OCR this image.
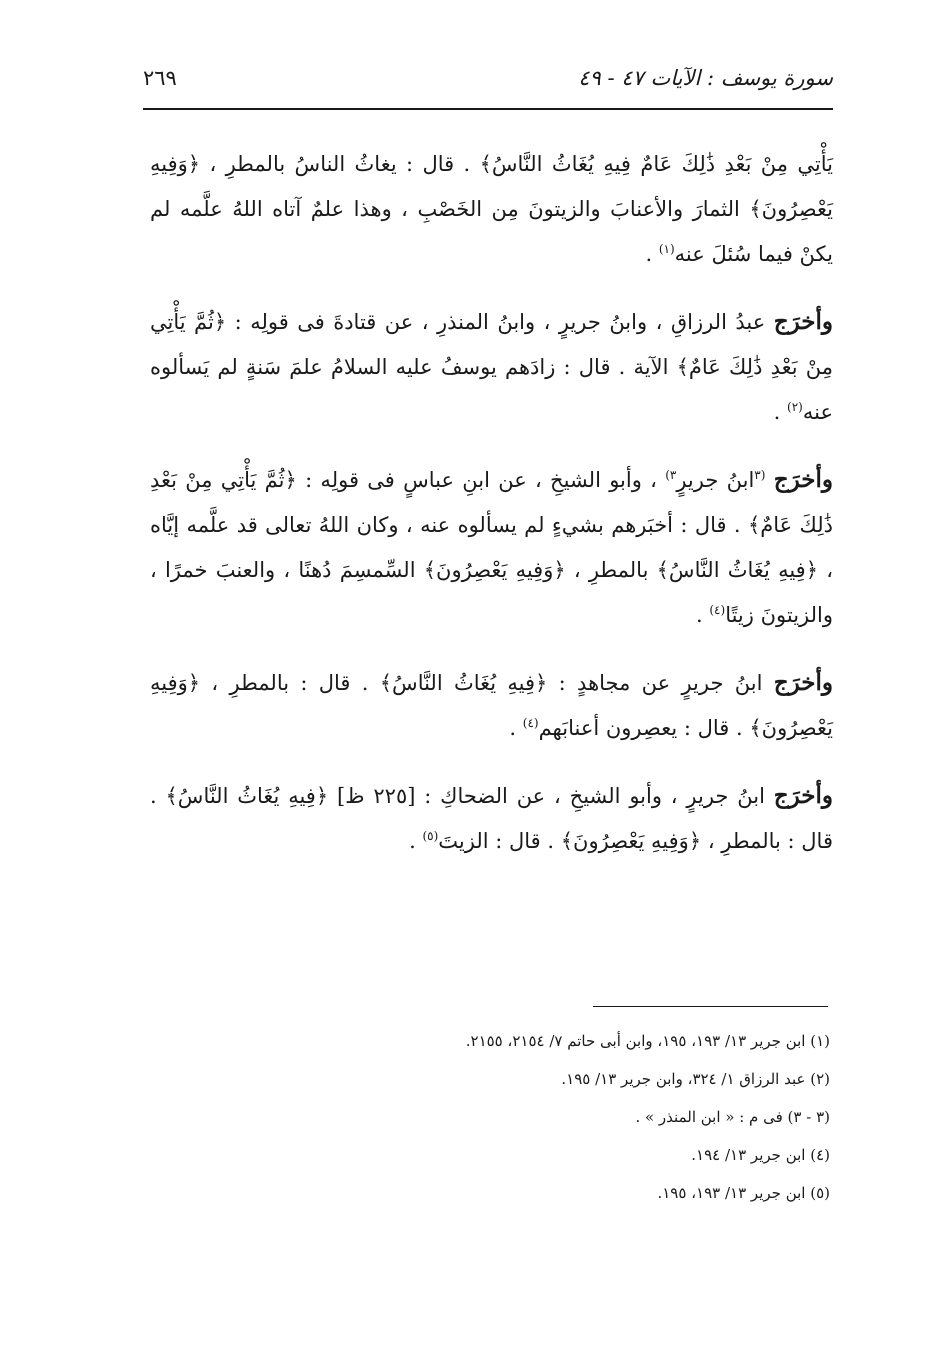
سورة يوسف : الآيات ٤٧ - ٤٩
٢٦٩

يَأْتِي مِنْ بَعْدِ ذَٰلِكَ عَامٌ فِيهِ يُغَاثُ النَّاسُ﴾ . قال : يغاثُ الناسُ بالمطرِ ، ﴿وَفِيهِ يَعْصِرُونَ﴾ الثمارَ والأعنابَ والزيتونَ مِن الخَصْبِ ، وهذا علمٌ آتاه اللهُ علَّمه لم يكنْ فيما سُئلَ عنه$^{(١)}$ .

وأخرَج عبدُ الرزاقِ ، وابنُ جريرٍ ، وابنُ المنذرِ ، عن قتادةَ فى قولِه : ﴿ثُمَّ يَأْتِي مِنْ بَعْدِ ذَٰلِكَ عَامٌ﴾ الآية . قال : زادَهم يوسفُ عليه السلامُ علمَ سَنةٍ لم يَسألوه عنه$^{(٢)}$ .

وأخرَج $^{(٣}$ابنُ جريرٍ$^{٣)}$ ، وأبو الشيخِ ، عن ابنِ عباسٍ فى قولِه : ﴿ثُمَّ يَأْتِي مِنْ بَعْدِ ذَٰلِكَ عَامٌ﴾ . قال : أخبَرهم بشيءٍ لم يسألوه عنه ، وكان اللهُ تعالى قد علَّمه إيَّاه ، ﴿فِيهِ يُغَاثُ النَّاسُ﴾ بالمطرِ ، ﴿وَفِيهِ يَعْصِرُونَ﴾ السِّمسِمَ دُهنًا ، والعنبَ خمرًا ، والزيتونَ زيتًا$^{(٤)}$ .

وأخرَج ابنُ جريرٍ عن مجاهدٍ : ﴿فِيهِ يُغَاثُ النَّاسُ﴾ . قال : بالمطرِ ، ﴿وَفِيهِ يَعْصِرُونَ﴾ . قال : يعصِرون أعنابَهم$^{(٤)}$ .

وأخرَج ابنُ جريرٍ ، وأبو الشيخِ ، عن الضحاكِ : [٢٢٥ ظ] ﴿فِيهِ يُغَاثُ النَّاسُ﴾ . قال : بالمطرِ ، ﴿وَفِيهِ يَعْصِرُونَ﴾ . قال : الزيتَ$^{(٥)}$ .

(١) ابن جرير ١٣/ ١٩٣، ١٩٥، وابن أبى حاتم ٧/ ٢١٥٤، ٢١٥٥.
(٢) عبد الرزاق ١/ ٣٢٤، وابن جرير ١٣/ ١٩٥.
(٣ - ٣) فى م : « ابن المنذر » .
(٤) ابن جرير ١٣/ ١٩٤.
(٥) ابن جرير ١٣/ ١٩٣، ١٩٥.
